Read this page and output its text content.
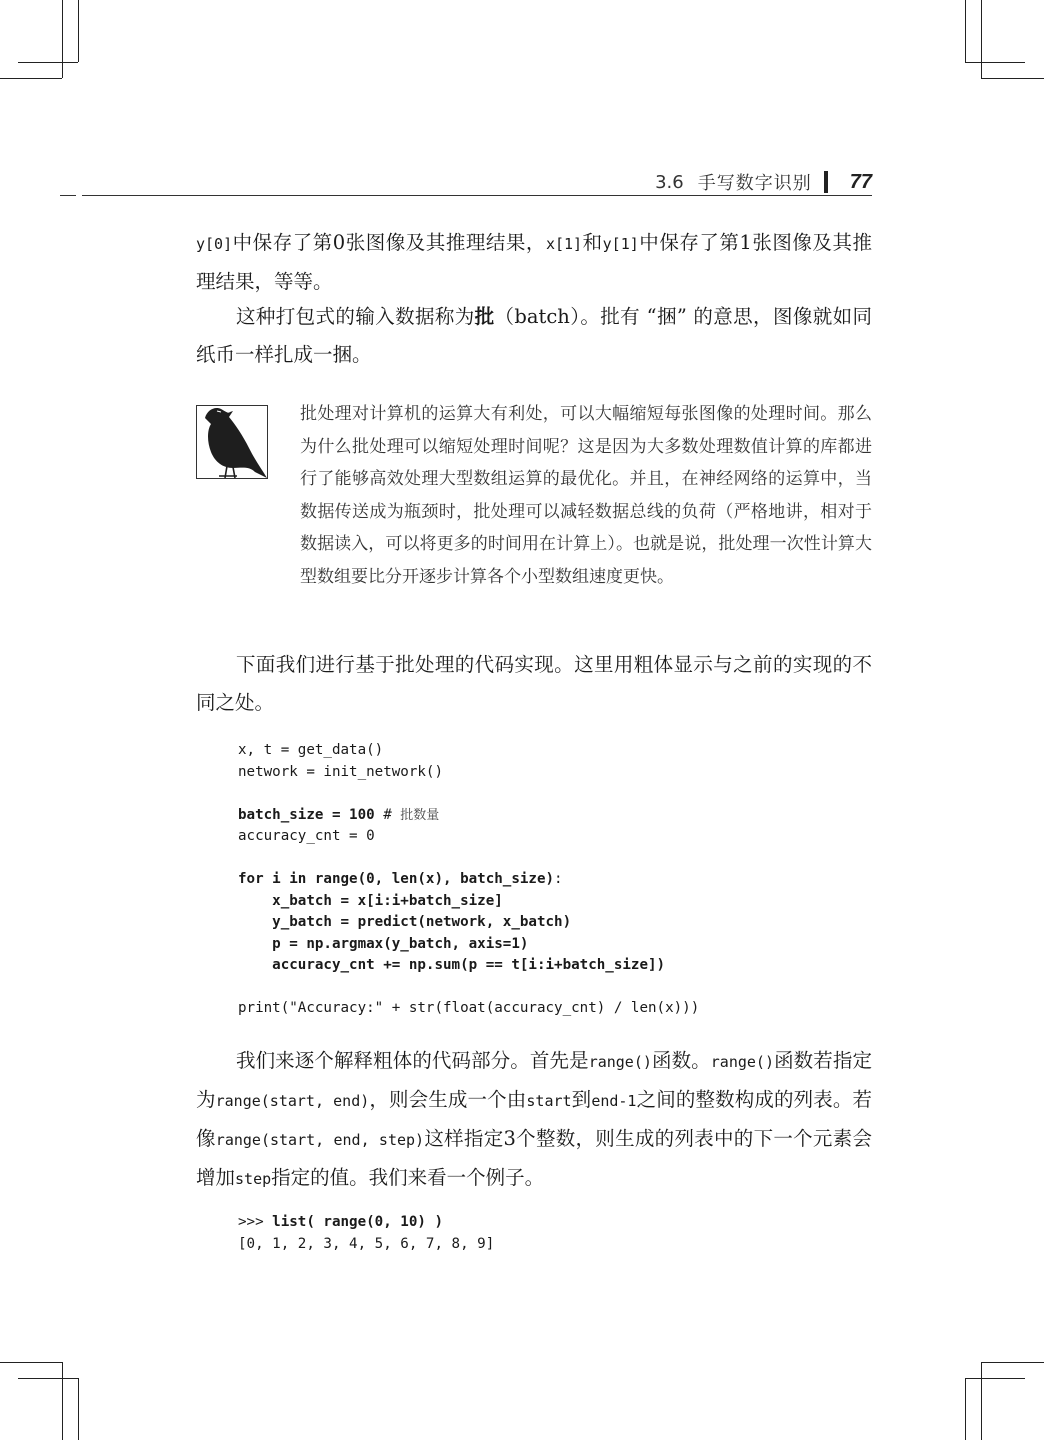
3.6 手写数字识别 77

y[0]中保存了第0张图像及其推理结果，x[1]和y[1]中保存了第1张图像及其推理结果，等等。

这种打包式的输入数据称为批（batch）。批有 “捆” 的意思，图像就如同纸币一样扎成一捆。

批处理对计算机的运算大有利处，可以大幅缩短每张图像的处理时间。那么为什么批处理可以缩短处理时间呢？这是因为大多数处理数值计算的库都进行了能够高效处理大型数组运算的最优化。并且，在神经网络的运算中，当数据传送成为瓶颈时，批处理可以减轻数据总线的负荷（严格地讲，相对于数据读入，可以将更多的时间用在计算上）。也就是说，批处理一次性计算大型数组要比分开逐步计算各个小型数组速度更快。

下面我们进行基于批处理的代码实现。这里用粗体显示与之前的实现的不同之处。

x, t = get_data()
network = init_network()
batch_size = 100 # 批数量
accuracy_cnt = 0
for i in range(0, len(x), batch_size):
x_batch = x[i:i+batch_size]
y_batch = predict(network, x_batch)
p = np.argmax(y_batch, axis=1)
accuracy_cnt += np.sum(p == t[i:i+batch_size])
print("Accuracy:" + str(float(accuracy_cnt) / len(x)))

我们来逐个解释粗体的代码部分。首先是range()函数。range()函数若指定为range(start, end)，则会生成一个由start到end-1之间的整数构成的列表。若像range(start, end, step)这样指定3个整数，则生成的列表中的下一个元素会增加step指定的值。我们来看一个例子。

>>> list( range(0, 10) )
[0, 1, 2, 3, 4, 5, 6, 7, 8, 9]
